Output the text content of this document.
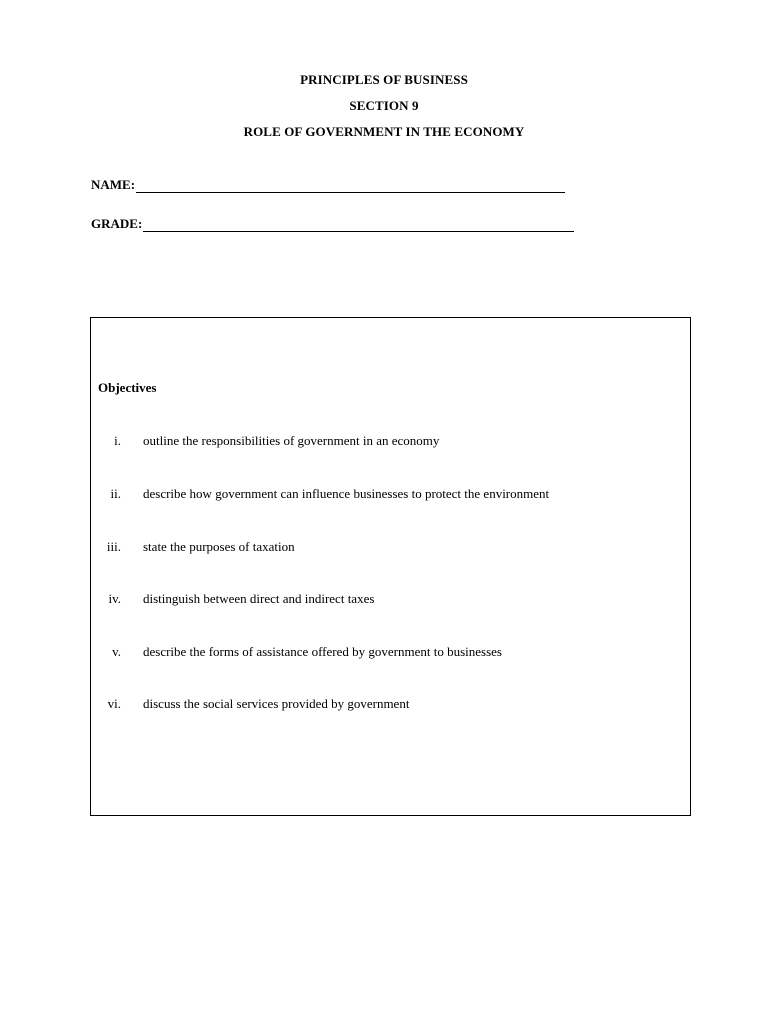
PRINCIPLES OF BUSINESS
SECTION 9
ROLE OF GOVERNMENT IN THE ECONOMY
NAME:
GRADE:
Objectives
i. outline the responsibilities of government in an economy
ii. describe how government can influence businesses to protect the environment
iii. state the purposes of taxation
iv. distinguish between direct and indirect taxes
v. describe the forms of assistance offered by government to businesses
vi. discuss the social services provided by government
